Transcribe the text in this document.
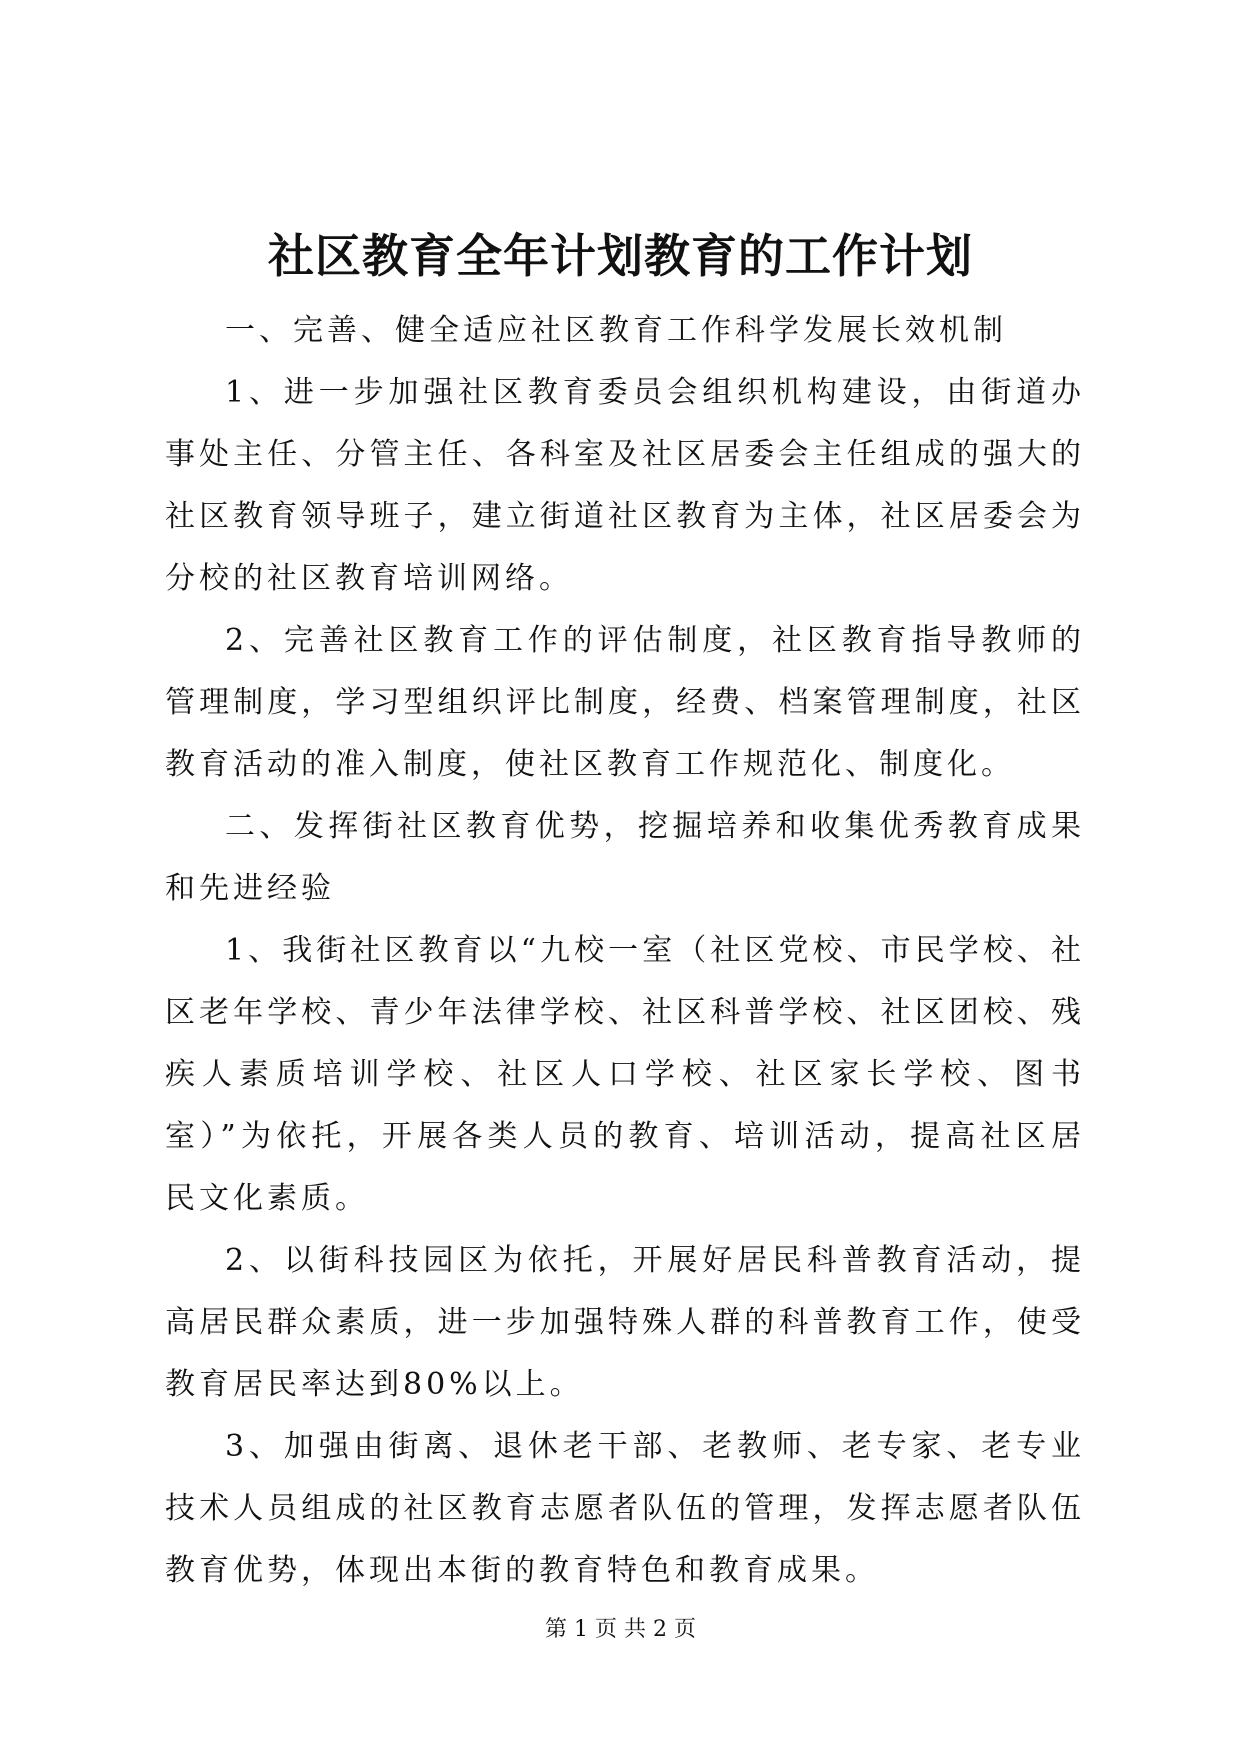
社区教育全年计划教育的工作计划

一、完善、健全适应社区教育工作科学发展长效机制

1、进一步加强社区教育委员会组织机构建设，由街道办事处主任、分管主任、各科室及社区居委会主任组成的强大的社区教育领导班子，建立街道社区教育为主体，社区居委会为分校的社区教育培训网络。

2、完善社区教育工作的评估制度，社区教育指导教师的管理制度，学习型组织评比制度，经费、档案管理制度，社区教育活动的准入制度，使社区教育工作规范化、制度化。

二、发挥街社区教育优势，挖掘培养和收集优秀教育成果和先进经验

1、我街社区教育以“九校一室（社区党校、市民学校、社区老年学校、青少年法律学校、社区科普学校、社区团校、残疾人素质培训学校、社区人口学校、社区家长学校、图书室）”为依托，开展各类人员的教育、培训活动，提高社区居民文化素质。

2、以街科技园区为依托，开展好居民科普教育活动，提高居民群众素质，进一步加强特殊人群的科普教育工作，使受教育居民率达到80%以上。

3、加强由街离、退休老干部、老教师、老专家、老专业技术人员组成的社区教育志愿者队伍的管理，发挥志愿者队伍教育优势，体现出本街的教育特色和教育成果。

第 1 页 共 2 页
